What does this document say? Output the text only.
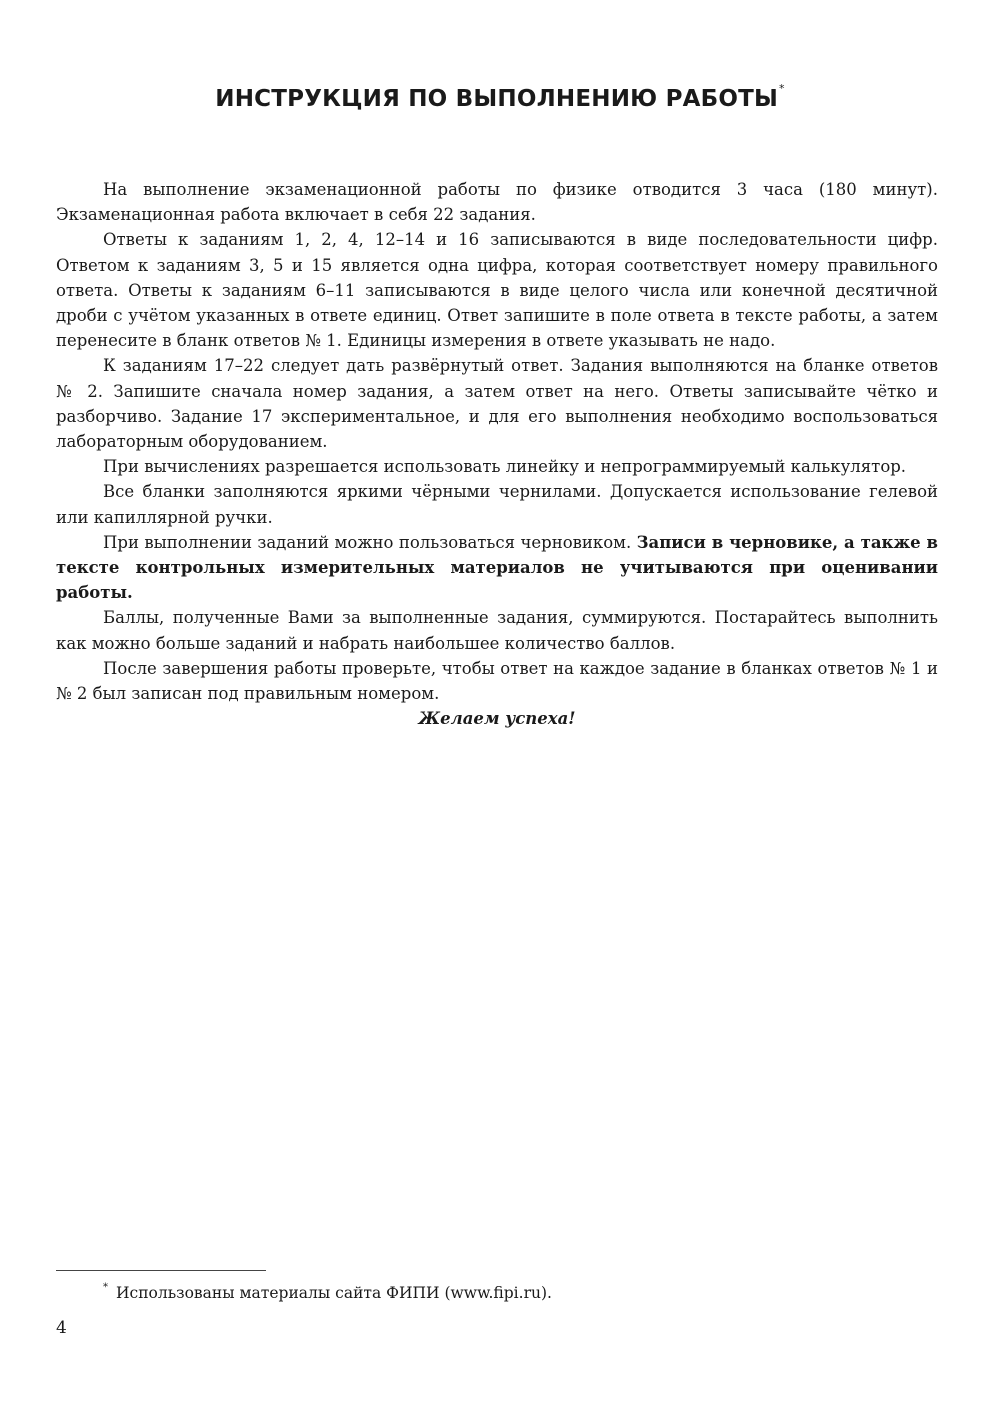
ИНСТРУКЦИЯ ПО ВЫПОЛНЕНИЮ РАБОТЫ*

На выполнение экзаменационной работы по физике отводится 3 часа (180 минут). Экзаменационная работа включает в себя 22 задания.

Ответы к заданиям 1, 2, 4, 12–14 и 16 записываются в виде последовательности цифр. Ответом к заданиям 3, 5 и 15 является одна цифра, которая соответствует номеру правильного ответа. Ответы к заданиям 6–11 записываются в виде целого числа или конечной десятичной дроби с учётом указанных в ответе единиц. Ответ запишите в поле ответа в тексте работы, а затем перенесите в бланк ответов № 1. Единицы измерения в ответе указывать не надо.

К заданиям 17–22 следует дать развёрнутый ответ. Задания выполняются на бланке ответов № 2. Запишите сначала номер задания, а затем ответ на него. Ответы записывайте чётко и разборчиво. Задание 17 экспериментальное, и для его выполнения необходимо воспользоваться лабораторным оборудованием.

При вычислениях разрешается использовать линейку и непрограммируемый калькулятор.

Все бланки заполняются яркими чёрными чернилами. Допускается использование гелевой или капиллярной ручки.

При выполнении заданий можно пользоваться черновиком. Записи в черновике, а также в тексте контрольных измерительных материалов не учитываются при оценивании работы.

Баллы, полученные Вами за выполненные задания, суммируются. Постарайтесь выполнить как можно больше заданий и набрать наибольшее количество баллов.

После завершения работы проверьте, чтобы ответ на каждое задание в бланках ответов № 1 и № 2 был записан под правильным номером.

Желаем успеха!

* Использованы материалы сайта ФИПИ (www.fipi.ru).
4
